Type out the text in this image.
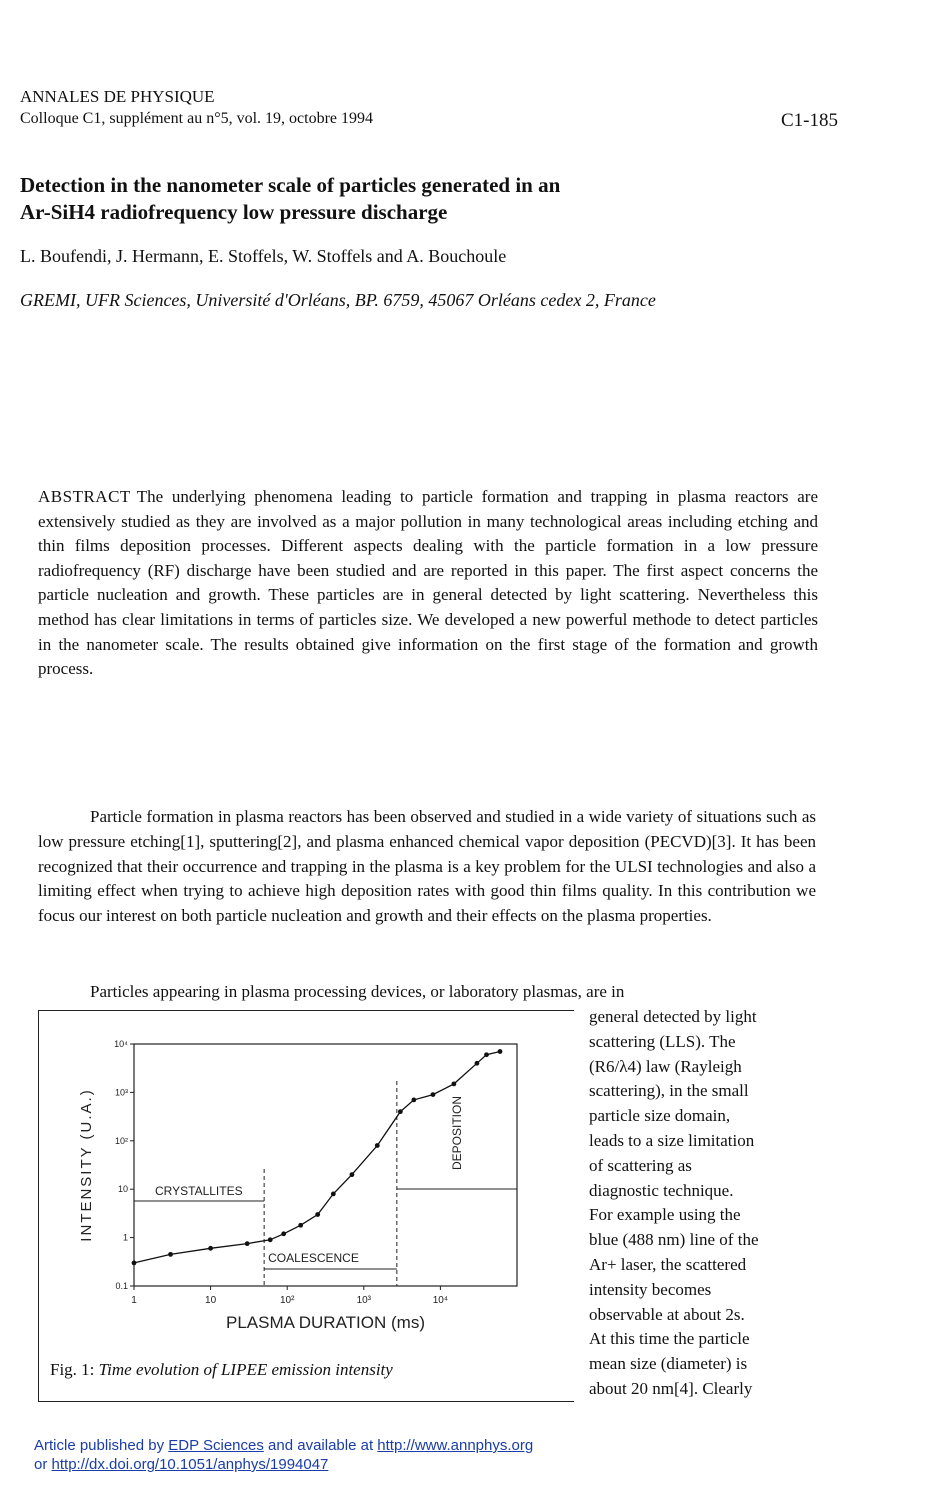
ANNALES DE PHYSIQUE
Colloque C1, supplément au n°5, vol. 19, octobre 1994	C1-185
Detection in the nanometer scale of particles generated in an
Ar-SiH4 radiofrequency low pressure discharge
L. Boufendi, J. Hermann, E. Stoffels, W. Stoffels and A. Bouchoule
GREMI, UFR Sciences, Université d'Orléans, BP. 6759, 45067 Orléans cedex 2, France
ABSTRACT The underlying phenomena leading to particle formation and trapping in plasma reactors are extensively studied as they are involved as a major pollution in many technological areas including etching and thin films deposition processes. Different aspects dealing with the particle formation in a low pressure radiofrequency (RF) discharge have been studied and are reported in this paper. The first aspect concerns the particle nucleation and growth. These particles are in general detected by light scattering. Nevertheless this method has clear limitations in terms of particles size. We developed a new powerful methode to detect particles in the nanometer scale. The results obtained give information on the first stage of the formation and growth process.
Particle formation in plasma reactors has been observed and studied in a wide variety of situations such as low pressure etching[1], sputtering[2], and plasma enhanced chemical vapor deposition (PECVD)[3]. It has been recognized that their occurrence and trapping in the plasma is a key problem for the ULSI technologies and also a limiting effect when trying to achieve high deposition rates with good thin films quality. In this contribution we focus our interest on both particle nucleation and growth and their effects on the plasma properties.
Particles appearing in plasma processing devices, or laboratory plasmas, are in
general detected by light
scattering (LLS). The
(R6/λ4) law (Rayleigh
scattering), in the small
particle size domain,
leads to a size limitation
of scattering as
diagnostic technique.
For example using the
blue (488 nm) line of the
Ar+ laser, the scattered
intensity becomes
observable at about 2s.
At this time the particle
mean size (diameter) is
about 20 nm[4]. Clearly
0.1
1
10
10²
10³
10⁴
1	10	10²	10³	10⁴
PLASMA DURATION (ms)
INTENSITY (U.A.)	CRYSTALLITES
COALESCENCE
DEPOSITION
Fig. 1: Time evolution of LIPEE emission intensity
Article published by EDP Sciences and available at http://www.annphys.org
or http://dx.doi.org/10.1051/anphys/1994047
